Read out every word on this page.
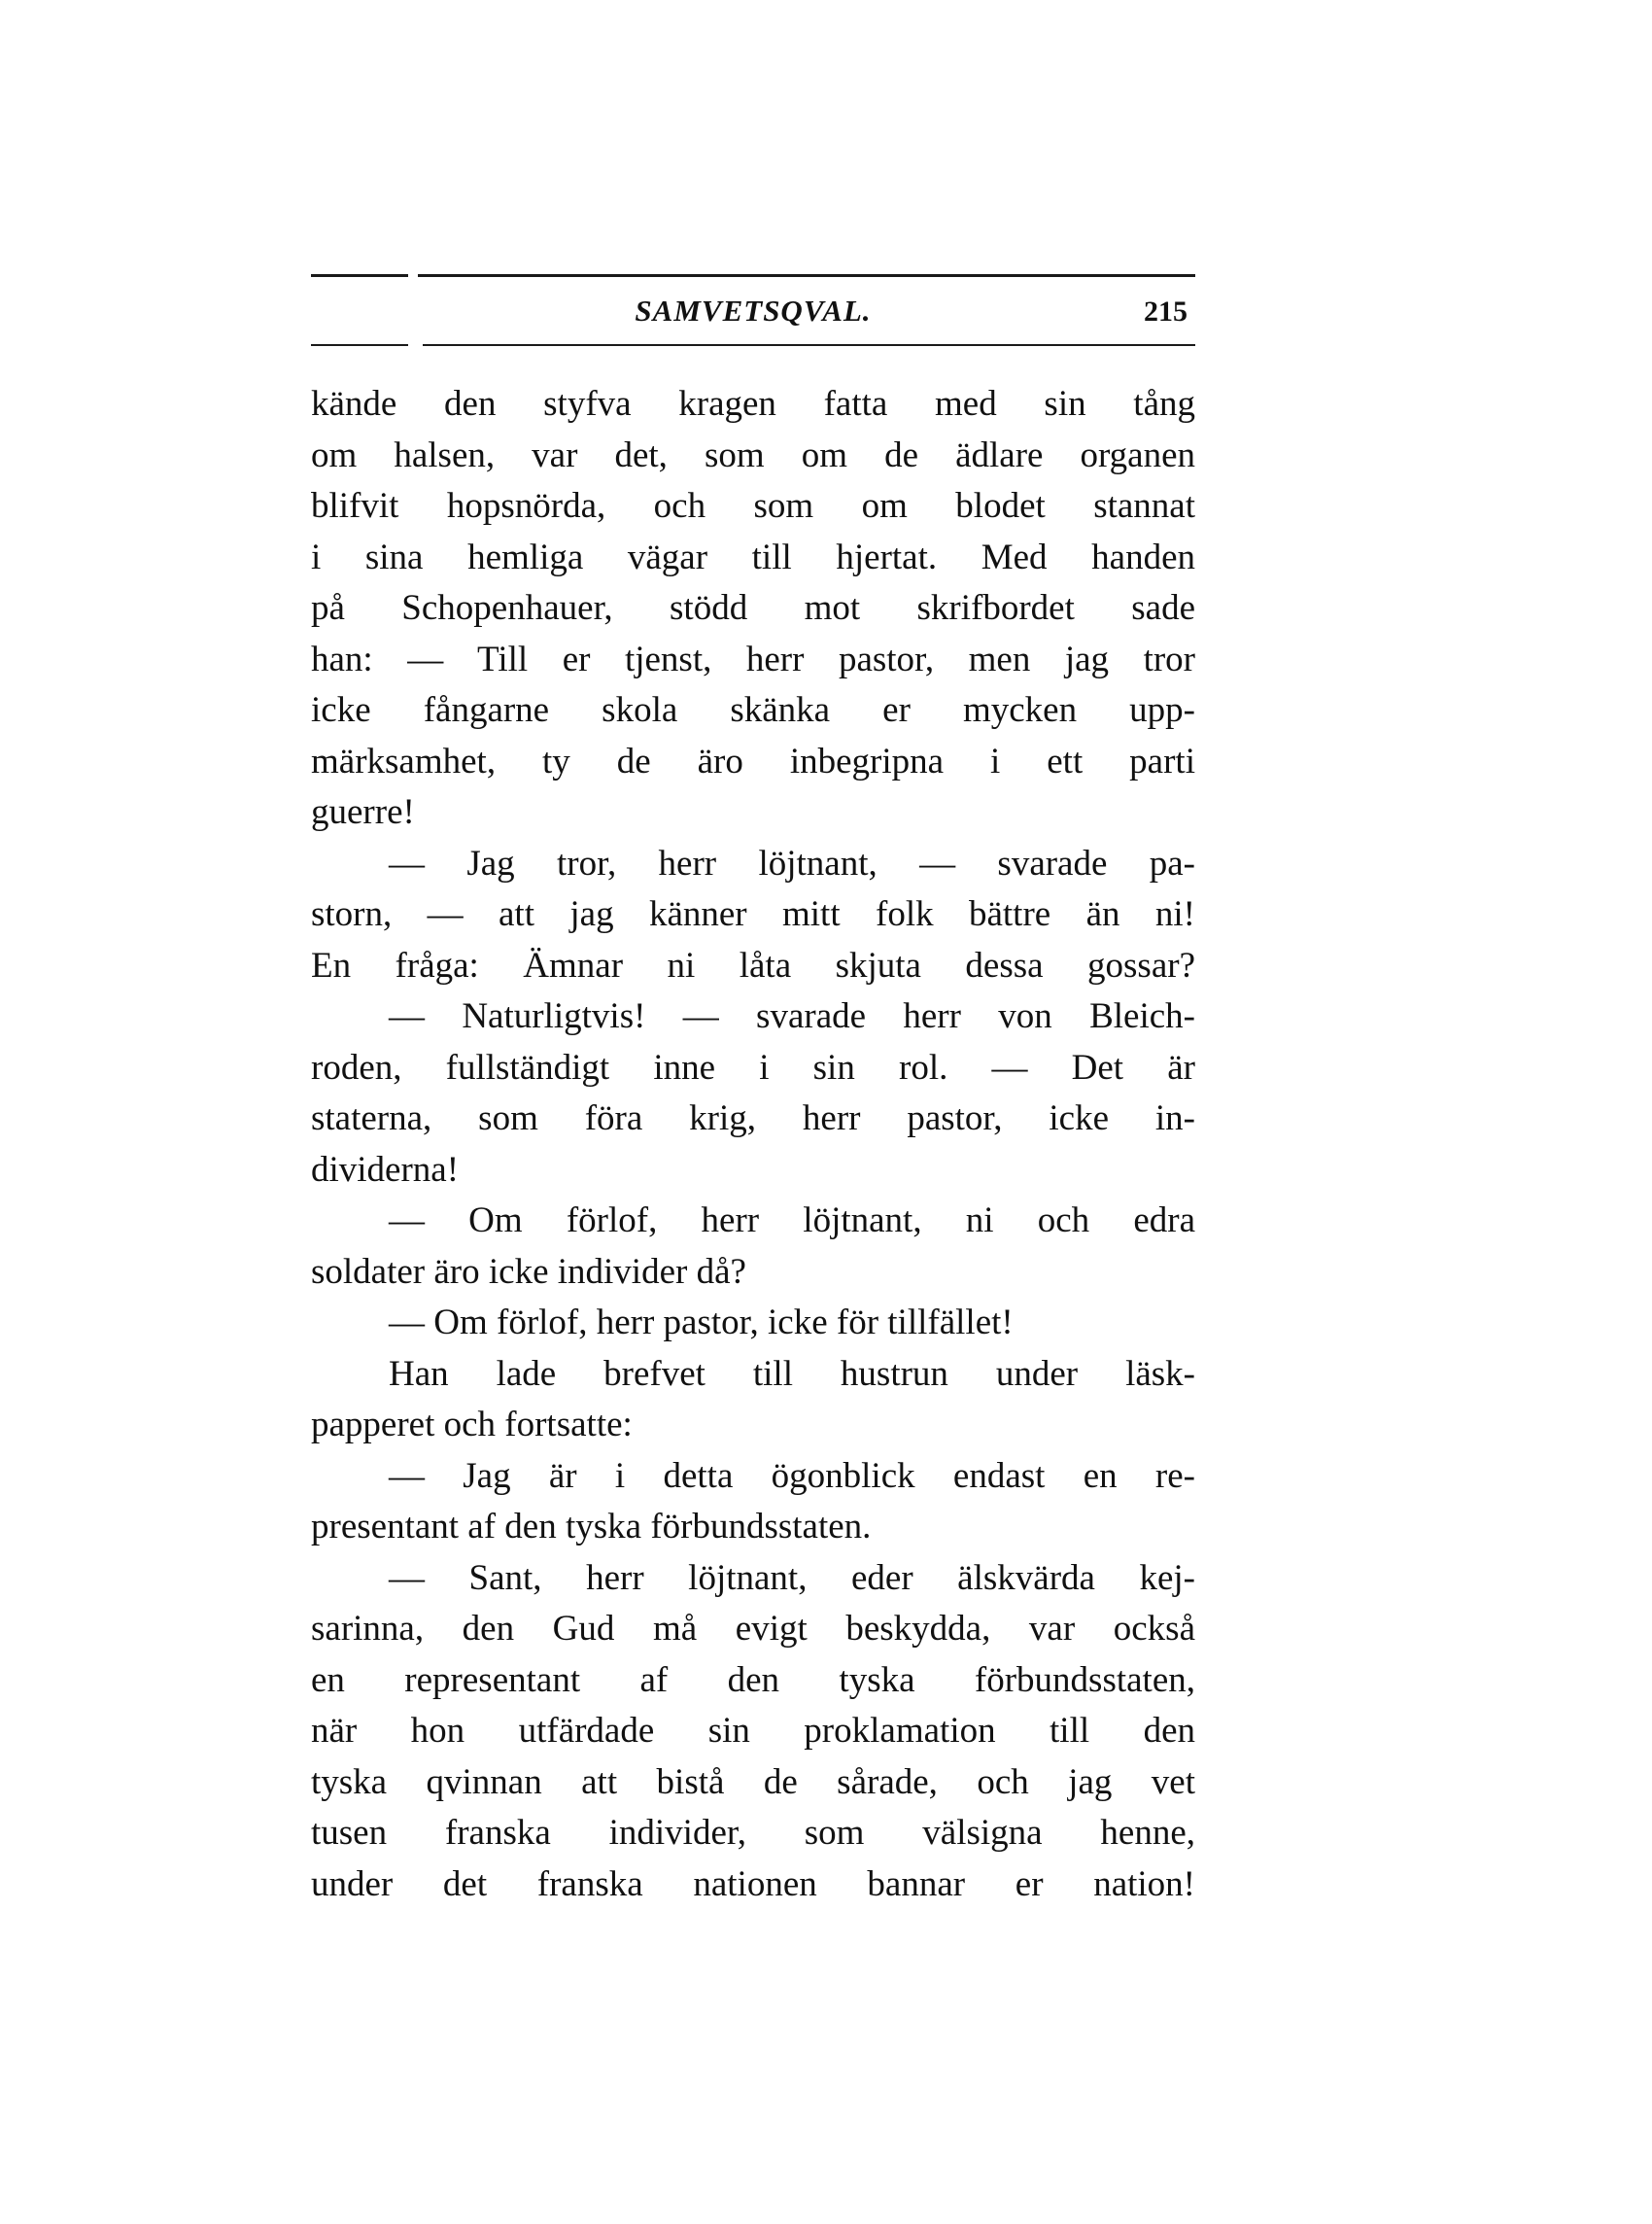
SAMVETSQVAL.	215
kände den styfva kragen fatta med sin tång
om halsen, var det, som om de ädlare organen
blifvit hopsnörda, och som om blodet stannat
i sina hemliga vägar till hjertat. Med handen
på Schopenhauer, stödd mot skrifbordet sade
han: — Till er tjenst, herr pastor, men jag tror
icke fångarne skola skänka er mycken upp-
märksamhet, ty de äro inbegripna i ett parti
guerre!
— Jag tror, herr löjtnant, — svarade pa-
storn, — att jag känner mitt folk bättre än ni!
En fråga: Ämnar ni låta skjuta dessa gossar?
— Naturligtvis! — svarade herr von Bleich-
roden, fullständigt inne i sin rol. — Det är
staterna, som föra krig, herr pastor, icke in-
dividerna!
— Om förlof, herr löjtnant, ni och edra
soldater äro icke individer då?
— Om förlof, herr pastor, icke för tillfället!
Han lade brefvet till hustrun under läsk-
papperet och fortsatte:
— Jag är i detta ögonblick endast en re-
presentant af den tyska förbundsstaten.
— Sant, herr löjtnant, eder älskvärda kej-
sarinna, den Gud må evigt beskydda, var också
en representant af den tyska förbundsstaten,
när hon utfärdade sin proklamation till den
tyska qvinnan att bistå de sårade, och jag vet
tusen franska individer, som välsigna henne,
under det franska nationen bannar er nation!
